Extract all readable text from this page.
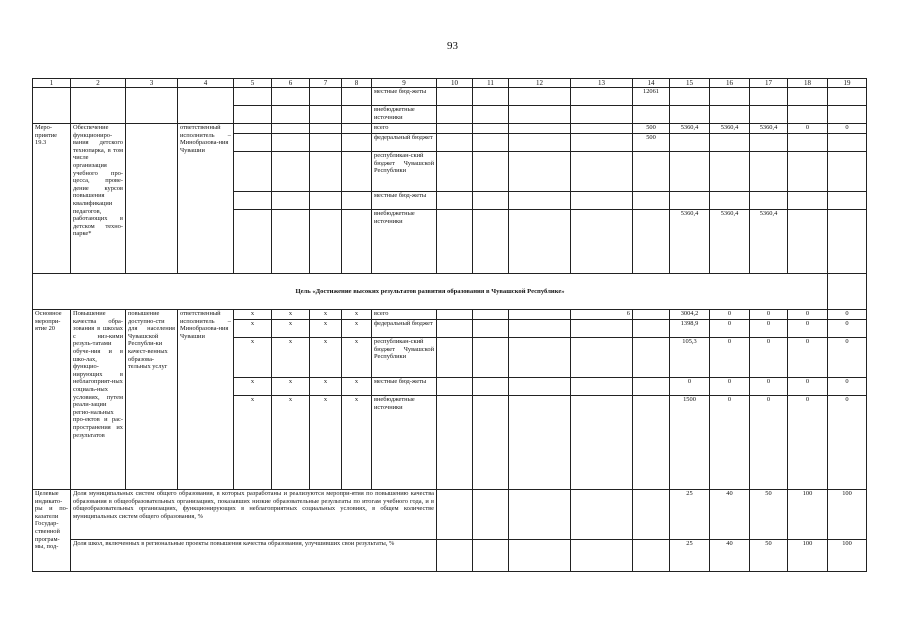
93
1	2	3	4	5	6	7	8	9	10	11	12	13	14	15	16	17	18	19
								местные бюд-жеты					12061					
								внебюджетные источники										
Меро-приятие 19.3	Обеспечение функциониро-вания детского технопарка, в том числе организация учебного про-цесса, прове-дение курсов повышения квалификации педагогов, работающих в детском техно-парке*		ответственный исполнитель – Минобразова-ния Чувашии					всего					500	5360,4	5360,4	5360,4	0	0
								федеральный бюджет					500					
								республикан-ский бюджет Чувашской Республики										
								местные бюд-жеты										
								внебюджетные источники						5360,4	5360,4	5360,4		
Цель «Достижение высоких результатов развития образования в Чувашской Республике»																		
Основное меропри-ятие 20	Повышение качества обра-зования в школах с низ-кими резуль-татами обуче-ния и в шко-лах, функцио-нирующих в неблагоприят-ных социаль-ных условиях, путем реали-зации регио-нальных про-ектов и рас-пространения их результатов	повышение доступно-сти для населения Чувашской Республи-ки качест-венных образова-тельных услуг	ответственный исполнитель – Минобразова-ния Чувашии	х	х	х	х	всего				6		3004,2	0	0	0	0
				х	х	х	х	федеральный бюджет						1398,9	0	0	0	0
				х	х	х	х	республикан-ский бюджет Чувашской Республики						105,3	0	0	0	0
				х	х	х	х	местные бюд-жеты						0	0	0	0	0
				х	х	х	х	внебюджетные источники						1500	0	0	0	0
Целевые индикато-ры и по-казатели Государ-ственной програм-мы, под-	Доля муниципальных систем общего образования, в которых разработаны и реализуются меропри-ятия по повышению качества образования в общеобразовательных организациях, показавших низкие образовательные результаты по итогам учебного года, и в общеобразовательных организациях, функционирующих в неблагоприятных социальных условиях, в общем количестве муниципальных систем общего образования, %													25	40	50	100	100
	Доля школ, включенных в региональные проекты повышения качества образования, улучшивших свои результаты, %													25	40	50	100	100
